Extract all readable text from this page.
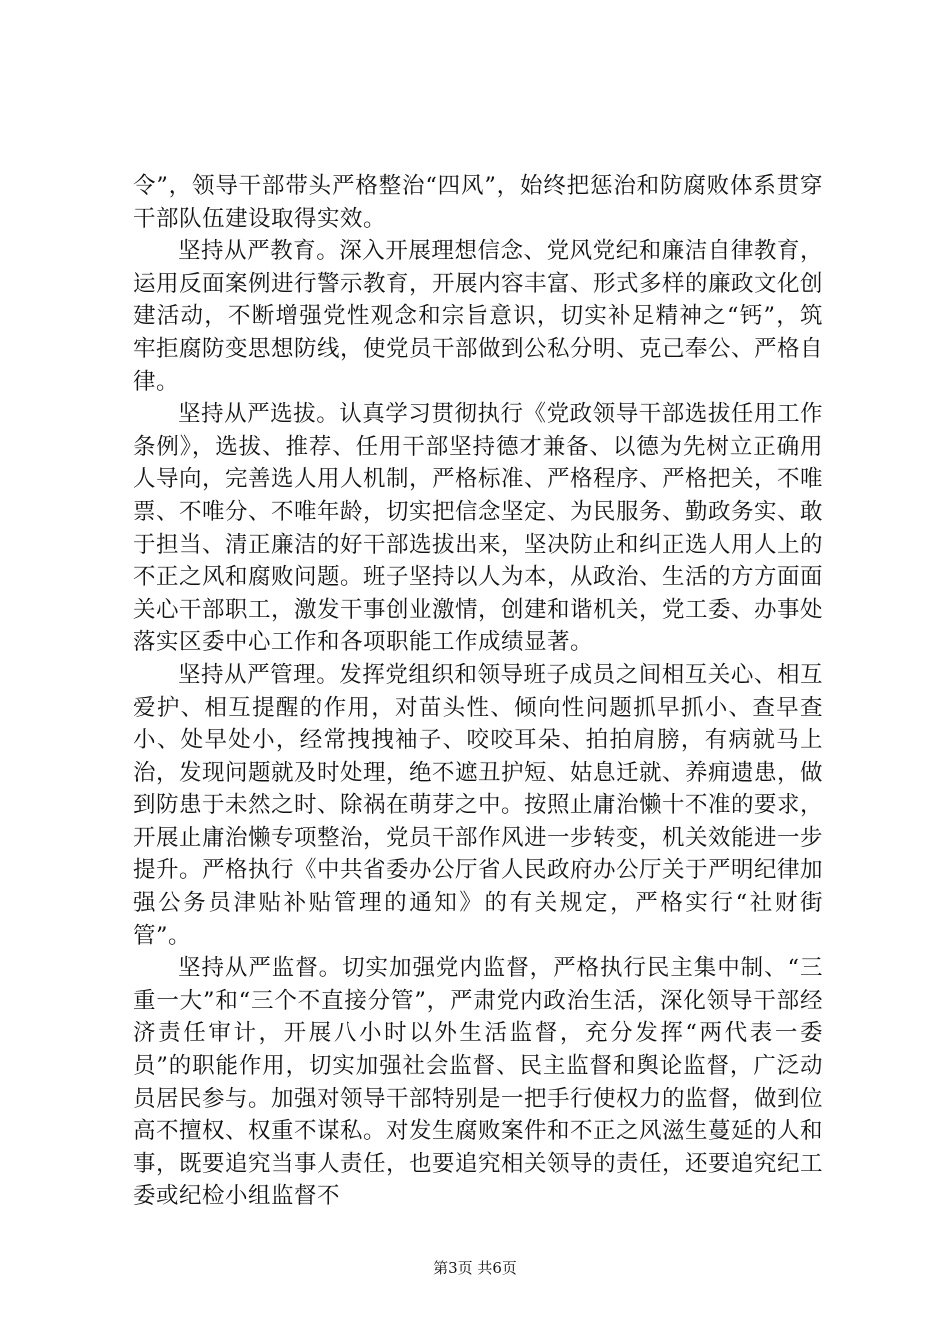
令”，领导干部带头严格整治“四风”，始终把惩治和防腐败体系贯穿干部队伍建设取得实效。

坚持从严教育。深入开展理想信念、党风党纪和廉洁自律教育，运用反面案例进行警示教育，开展内容丰富、形式多样的廉政文化创建活动，不断增强党性观念和宗旨意识，切实补足精神之“钙”，筑牢拒腐防变思想防线，使党员干部做到公私分明、克己奉公、严格自律。

坚持从严选拔。认真学习贯彻执行《党政领导干部选拔任用工作条例》，选拔、推荐、任用干部坚持德才兼备、以德为先树立正确用人导向，完善选人用人机制，严格标准、严格程序、严格把关，不唯票、不唯分、不唯年龄，切实把信念坚定、为民服务、勤政务实、敢于担当、清正廉洁的好干部选拔出来，坚决防止和纠正选人用人上的不正之风和腐败问题。班子坚持以人为本，从政治、生活的方方面面关心干部职工，激发干事创业激情，创建和谐机关，党工委、办事处落实区委中心工作和各项职能工作成绩显著。

坚持从严管理。发挥党组织和领导班子成员之间相互关心、相互爱护、相互提醒的作用，对苗头性、倾向性问题抓早抓小、查早查小、处早处小，经常拽拽袖子、咬咬耳朵、拍拍肩膀，有病就马上治，发现问题就及时处理，绝不遮丑护短、姑息迁就、养痈遗患，做到防患于未然之时、除祸在萌芽之中。按照止庸治懒十不准的要求，开展止庸治懒专项整治，党员干部作风进一步转变，机关效能进一步提升。严格执行《中共省委办公厅省人民政府办公厅关于严明纪律加强公务员津贴补贴管理的通知》的有关规定，严格实行“社财街管”。

坚持从严监督。切实加强党内监督，严格执行民主集中制、“三重一大”和“三个不直接分管”，严肃党内政治生活，深化领导干部经济责任审计，开展八小时以外生活监督，充分发挥“两代表一委员”的职能作用，切实加强社会监督、民主监督和舆论监督，广泛动员居民参与。加强对领导干部特别是一把手行使权力的监督，做到位高不擅权、权重不谋私。对发生腐败案件和不正之风滋生蔓延的人和事，既要追究当事人责任，也要追究相关领导的责任，还要追究纪工委或纪检小组监督不

第3页 共6页
